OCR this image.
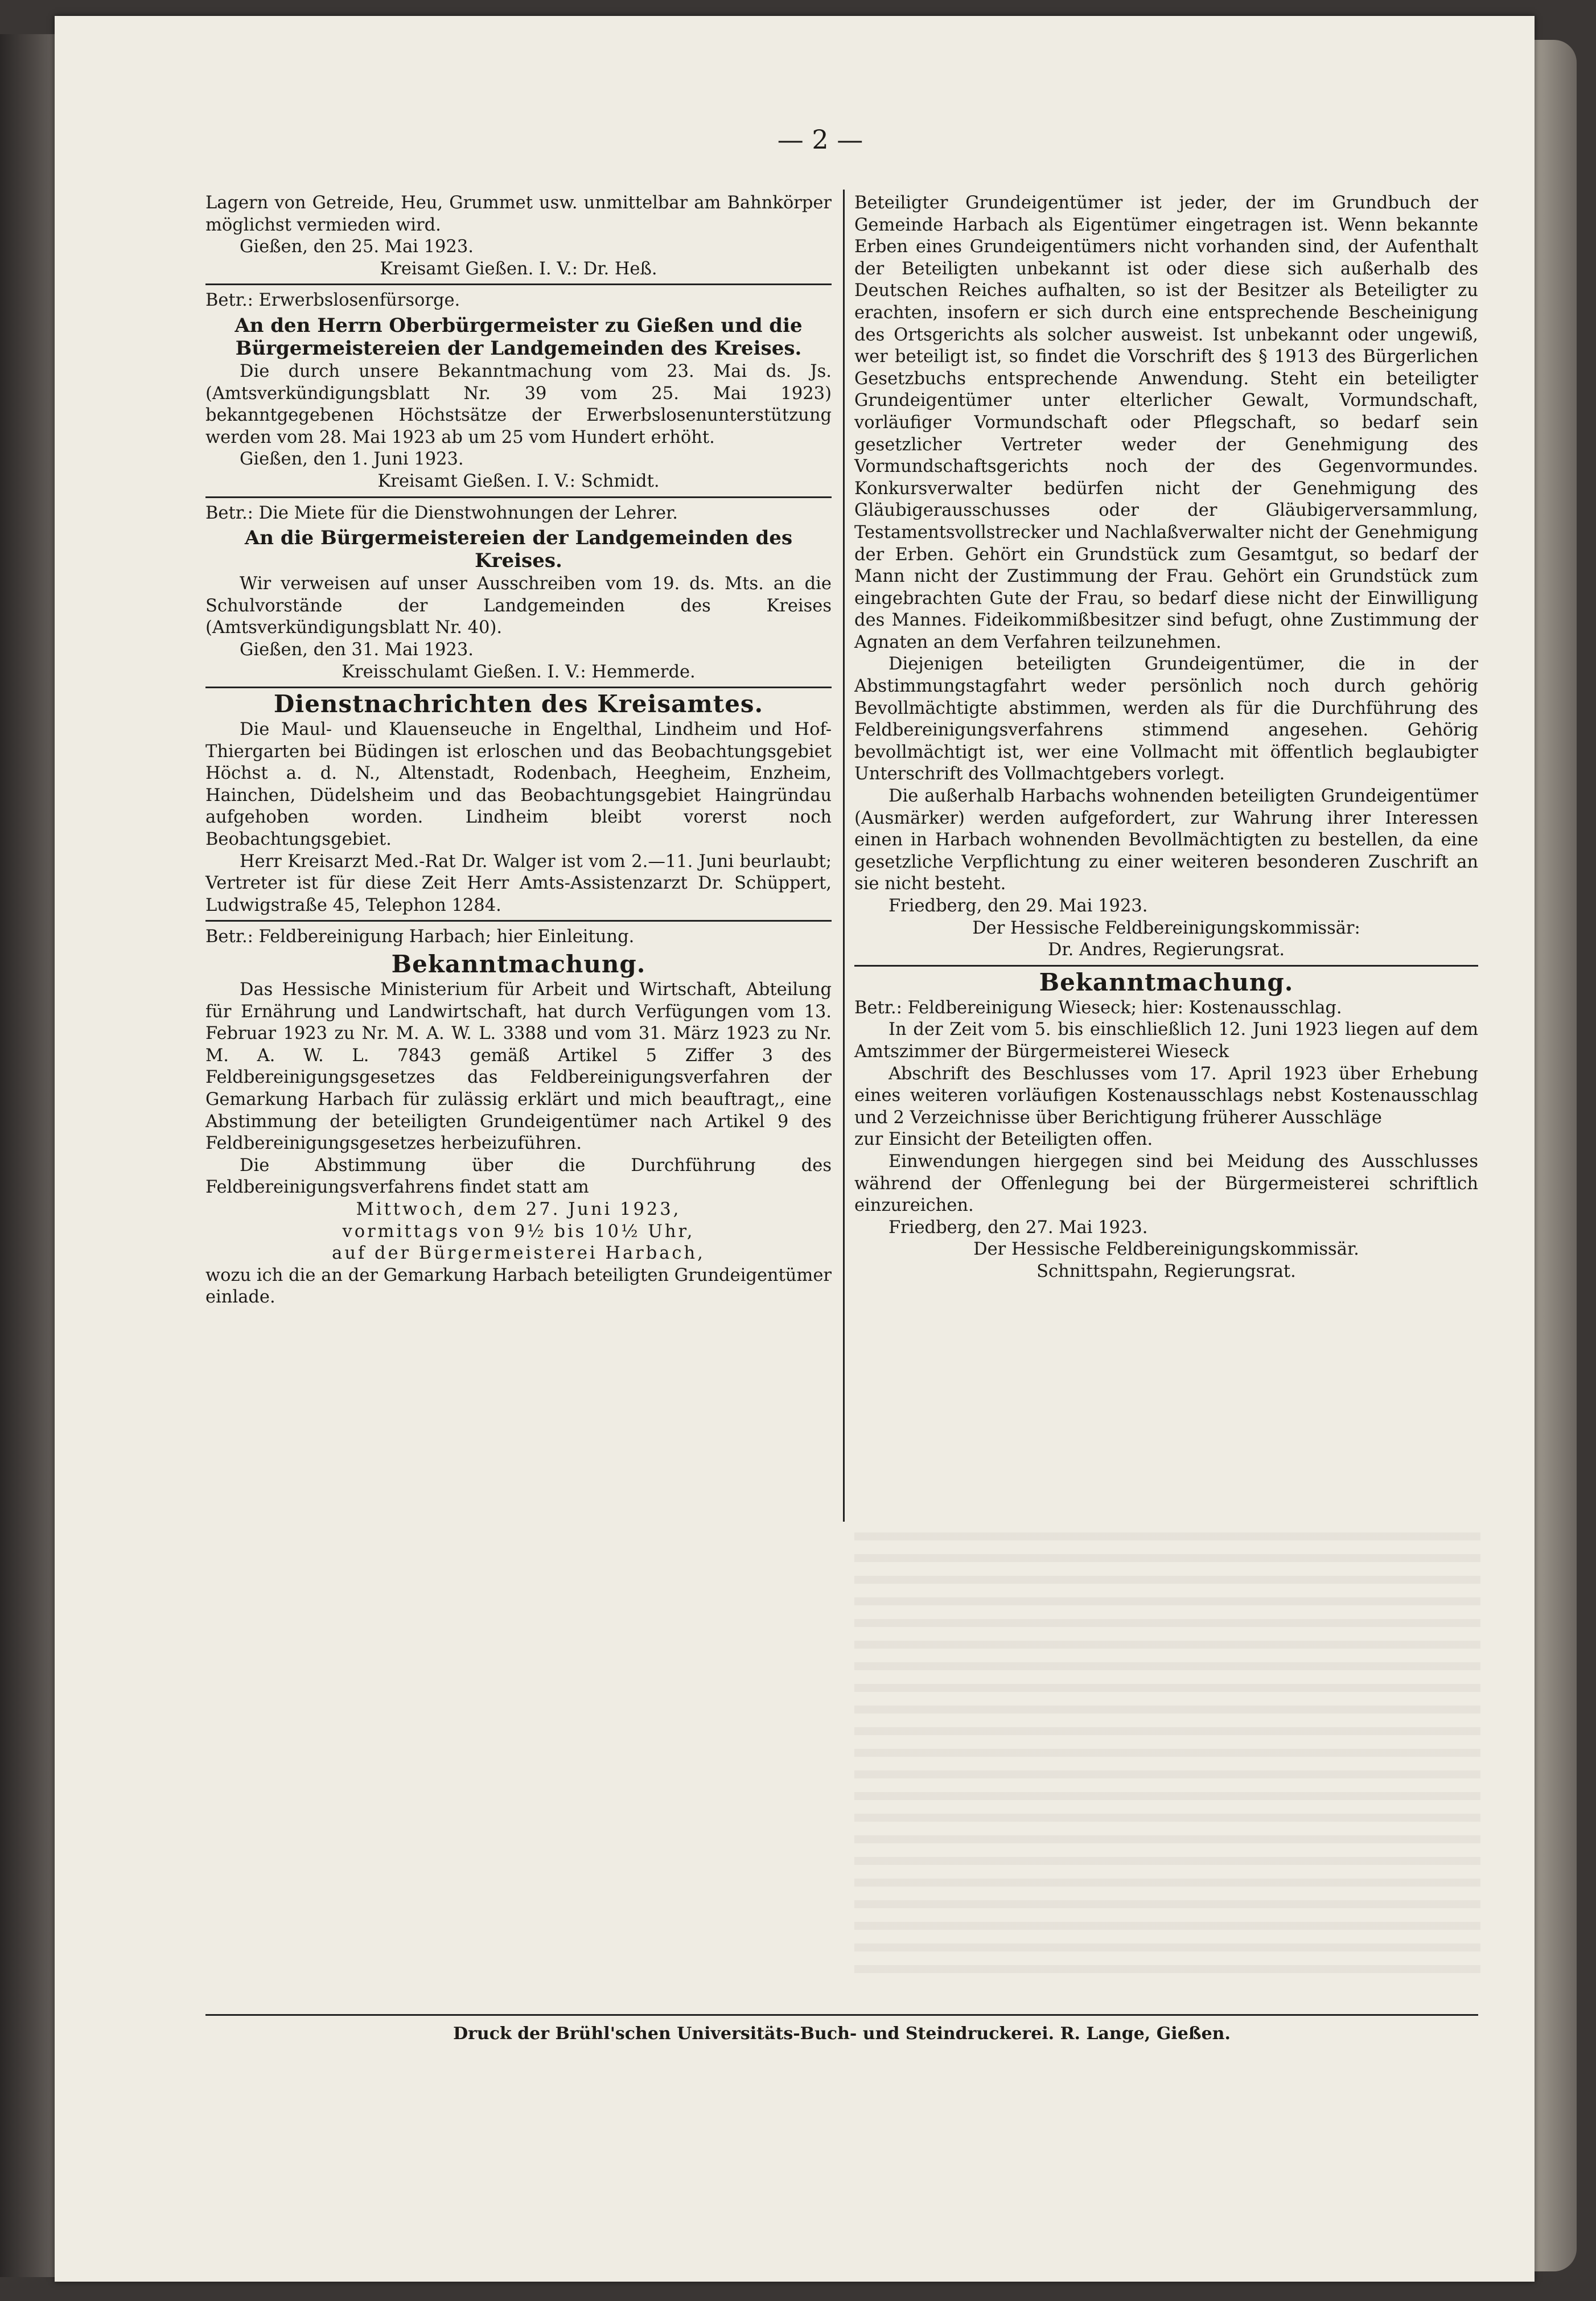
— 2 —

Lagern von Getreide, Heu, Grummet usw. unmittelbar am Bahnkörper möglichst vermieden wird.

Gießen, den 25. Mai 1923.

Kreisamt Gießen. I. V.: Dr. Heß.

Betr.: Erwerbslosenfürsorge.

An den Herrn Oberbürgermeister zu Gießen und die Bürgermeistereien der Landgemeinden des Kreises.

Die durch unsere Bekanntmachung vom 23. Mai ds. Js. (Amtsverkündigungsblatt Nr. 39 vom 25. Mai 1923) bekanntgegebenen Höchstsätze der Erwerbslosenunterstützung werden vom 28. Mai 1923 ab um 25 vom Hundert erhöht.

Gießen, den 1. Juni 1923.

Kreisamt Gießen. I. V.: Schmidt.

Betr.: Die Miete für die Dienstwohnungen der Lehrer.

An die Bürgermeistereien der Landgemeinden des Kreises.

Wir verweisen auf unser Ausschreiben vom 19. ds. Mts. an die Schulvorstände der Landgemeinden des Kreises (Amtsverkündigungsblatt Nr. 40).

Gießen, den 31. Mai 1923.

Kreisschulamt Gießen. I. V.: Hemmerde.

Dienstnachrichten des Kreisamtes.

Die Maul- und Klauenseuche in Engelthal, Lindheim und Hof-Thiergarten bei Büdingen ist erloschen und das Beobachtungsgebiet Höchst a. d. N., Altenstadt, Rodenbach, Heegheim, Enzheim, Hainchen, Düdelsheim und das Beobachtungsgebiet Haingründau aufgehoben worden. Lindheim bleibt vorerst noch Beobachtungsgebiet.

Herr Kreisarzt Med.-Rat Dr. Walger ist vom 2.—11. Juni beurlaubt; Vertreter ist für diese Zeit Herr Amts-Assistenzarzt Dr. Schüppert, Ludwigstraße 45, Telephon 1284.

Betr.: Feldbereinigung Harbach; hier Einleitung.

Bekanntmachung.

Das Hessische Ministerium für Arbeit und Wirtschaft, Abteilung für Ernährung und Landwirtschaft, hat durch Verfügungen vom 13. Februar 1923 zu Nr. M. A. W. L. 3388 und vom 31. März 1923 zu Nr. M. A. W. L. 7843 gemäß Artikel 5 Ziffer 3 des Feldbereinigungsgesetzes das Feldbereinigungsverfahren der Gemarkung Harbach für zulässig erklärt und mich beauftragt,, eine Abstimmung der beteiligten Grundeigentümer nach Artikel 9 des Feldbereinigungsgesetzes herbeizuführen.

Die Abstimmung über die Durchführung des Feldbereinigungsverfahrens findet statt am

Mittwoch, dem 27. Juni 1923,

vormittags von 9½ bis 10½ Uhr,

auf der Bürgermeisterei Harbach,

wozu ich die an der Gemarkung Harbach beteiligten Grundeigentümer einlade.

Beteiligter Grundeigentümer ist jeder, der im Grundbuch der Gemeinde Harbach als Eigentümer eingetragen ist. Wenn bekannte Erben eines Grundeigentümers nicht vorhanden sind, der Aufenthalt der Beteiligten unbekannt ist oder diese sich außerhalb des Deutschen Reiches aufhalten, so ist der Besitzer als Beteiligter zu erachten, insofern er sich durch eine entsprechende Bescheinigung des Ortsgerichts als solcher ausweist. Ist unbekannt oder ungewiß, wer beteiligt ist, so findet die Vorschrift des § 1913 des Bürgerlichen Gesetzbuchs entsprechende Anwendung. Steht ein beteiligter Grundeigentümer unter elterlicher Gewalt, Vormundschaft, vorläufiger Vormundschaft oder Pflegschaft, so bedarf sein gesetzlicher Vertreter weder der Genehmigung des Vormundschaftsgerichts noch der des Gegenvormundes. Konkursverwalter bedürfen nicht der Genehmigung des Gläubigerausschusses oder der Gläubigerversammlung, Testamentsvollstrecker und Nachlaßverwalter nicht der Genehmigung der Erben. Gehört ein Grundstück zum Gesamtgut, so bedarf der Mann nicht der Zustimmung der Frau. Gehört ein Grundstück zum eingebrachten Gute der Frau, so bedarf diese nicht der Einwilligung des Mannes. Fideikommißbesitzer sind befugt, ohne Zustimmung der Agnaten an dem Verfahren teilzunehmen.

Diejenigen beteiligten Grundeigentümer, die in der Abstimmungstagfahrt weder persönlich noch durch gehörig Bevollmächtigte abstimmen, werden als für die Durchführung des Feldbereinigungsverfahrens stimmend angesehen. Gehörig bevollmächtigt ist, wer eine Vollmacht mit öffentlich beglaubigter Unterschrift des Vollmachtgebers vorlegt.

Die außerhalb Harbachs wohnenden beteiligten Grundeigentümer (Ausmärker) werden aufgefordert, zur Wahrung ihrer Interessen einen in Harbach wohnenden Bevollmächtigten zu bestellen, da eine gesetzliche Verpflichtung zu einer weiteren besonderen Zuschrift an sie nicht besteht.

Friedberg, den 29. Mai 1923.

Der Hessische Feldbereinigungskommissär:

Dr. Andres, Regierungsrat.

Bekanntmachung.

Betr.: Feldbereinigung Wieseck; hier: Kostenausschlag.

In der Zeit vom 5. bis einschließlich 12. Juni 1923 liegen auf dem Amtszimmer der Bürgermeisterei Wieseck

Abschrift des Beschlusses vom 17. April 1923 über Erhebung eines weiteren vorläufigen Kostenausschlags nebst Kostenausschlag und 2 Verzeichnisse über Berichtigung früherer Ausschläge

zur Einsicht der Beteiligten offen.

Einwendungen hiergegen sind bei Meidung des Ausschlusses während der Offenlegung bei der Bürgermeisterei schriftlich einzureichen.

Friedberg, den 27. Mai 1923.

Der Hessische Feldbereinigungskommissär.

Schnittspahn, Regierungsrat.

Druck der Brühl'schen Universitäts-Buch- und Steindruckerei. R. Lange, Gießen.
